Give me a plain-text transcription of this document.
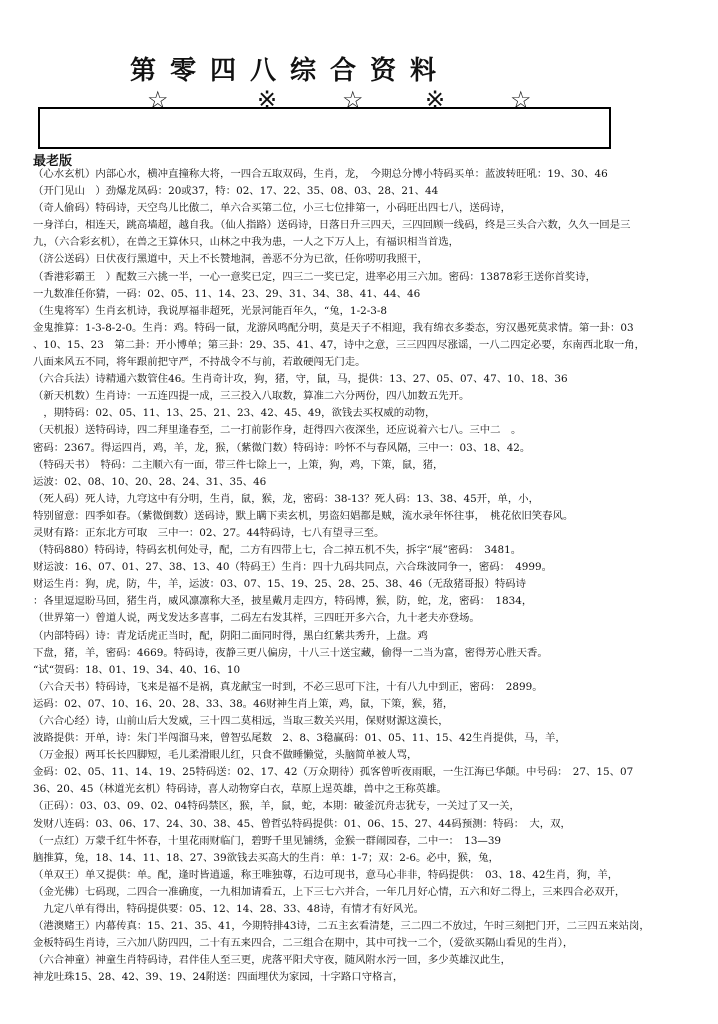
第零四八综合资料
☆	※	☆	※	☆
最老版
（心水玄机）内部心水，横冲直撞称大将，一四合五取双码，生肖，龙，　今期总分博小特码买单：蓝波转旺吼：19、30、46
（开门见山　）劲爆龙凤码：20或37，特：02、17、22、35、08、03、28、21、44
（奇人偷码）特码诗，天空鸟儿比傲二，单六合买第二位，小三七位排第一，小码旺出四七八，送码诗，
一身洋白，相连天，跳高墙超，越自我。（仙人指路）送码诗，日落日升三四天，三四回顾一线码，终是三头合六数，久久一回是三
九，（六合彩玄机），在兽之王算休只，山林之中我为患，一人之下万人上，有福识相当首选，
（济公送码）日伏夜行黑道中，天上不长赞地洞，善恶不分为已欲，任你唠叨我照干，
（香港彩霸王　）配数三六挑一半，一心一意奖已定，四三二一奖已定，进率必用三六加。密码：13878彩王送你首奖诗，
一九数准任你猜，一码：02、05、11、14、23、29、31、34、38、41、44、46
（生鬼将军）生肖玄机诗，我说厚福非超死，光景河能百年久，“兔，1-2-3-8
金鬼推算：1-3-8-2-0。生肖：鸡。特码一鼠，龙游风鸣配分明，莫是天子不相迎，我有绵衣多娄态，穷汉愚死莫求情。第一卦：03
、10、15、23　第二卦：开小博单；第三卦：29、35、41、47，诗中之意，三三四四尽涨谣，一八二四定必要，东南西北取一角，
八面来风五不同，将年跟前把守严，不持战令不与前，若敢硬闯无门走。
（六合兵法）诗精通六数管住46。生肖奇计攻，狗，猪，守，鼠，马，提供：13、27、05、07、47、10、18、36
（新天机数）生肖诗：一五连四提一成，三三投入八取数，算准二六分两份，四八加数五先开。
　，期特码：02、05、11、13、25、21、23、42、45、49，欲钱去买权威的动物，
（天机报）送特码诗，四二拜里逢春至，二一打前影作身，赶得四六夜深坐，还应说着六七八。三中二　。
密码：2367。得运四肖，鸡，羊，龙，猴，（紫微门数）特码诗：吟怀不与春风隔，三中一：03、18、42。
（特码天书）　特码：二主顺六有一面，带三件七除上一，上策，狗，鸡，下策，鼠，猪，
运波：02、08、10、20、28、24、31、35、46
（死人码）死人诗，九穹这中有分明，生肖，鼠，猴，龙，密码：38-13？死人码：13、38、45开，单，小，
特别留意：四季如春。（紫微倒数）送码诗，默上瞒下卖玄机，男盗妇娼都是贼，流水录年怀往事，　桃花依旧笑春风。
灵财有路：正东北方可取　三中一：02、27。44特码诗，七八有望寻三至。
（特码880）特码诗，特码玄机何处寻，配，二方有四带上七，合二掉五机不失，拆字“展”密码：　3481。
财运波：16、07、01、27、38、13、40（特码王）生肖：四十九码共同点，六合珠波同争一，密码：　4999。
财运生肖：狗，虎，防，牛，羊，运波：03、07、15、19、25、28、25、38、46（无敌猪哥报）特码诗
：各里逗逗盼马回，猪生肖，威风凛凛称大圣，披星戴月走四方，特码博，猴，防，蛇，龙，密码：　1834，
（世界第一）曾道人说，两戈发达多喜事，二码左右发其样，三四旺开多六合，九十老夫亦登场。
（内部特码）诗：青龙话虎正当时，配，阴阳二面同时得，黑白红紫共秀升，上盘。鸡
下盘，猪，羊，密码：4669。特码诗，夜静三更八偏房，十八三十送宝藏，偷得一二当为富，密得芳心胜天香。
“试“贺码：18、01、19、34、40、16、10
（六合天书）特码诗，飞来是福不是祸，真龙献宝一时到，不必三思可下注，十有八九中到正，密码：　2899。
运码：02、07、10、16、20、28、33、38。46财神生肖上策，鸡，鼠，下策，猴，猪，
（六合心经）诗，山前山后大发威，三十四二莫相远，当取三数关兴用，保财财源这漠长，
波路提供：开单，诗：朱门半闯溜马来，曾智弘尾数　2、8、3稳赢码：01、05、11、15、42生肖提供，马，羊，
（万金报）两耳长长四脚短，毛儿柔滑眼儿红，只食不做睡懒觉，头脑简单被人骂，
金码：02、05、11、14、19、25特码送：02、17、42（万众期待）孤客曾听夜雨眠，一生江海已华颠。中号码：　27、15、07
36、20、45（林道光玄机）特码诗，喜人动物穿白衣，草原上逞英雄，兽中之王称英雄。
（正码）：03、03、09、02、04特码禁区，猴，羊，鼠，蛇，本期：破釜沉舟志犹专，一关过了又一关，
发财八连码：03、06、17、24、30、38、45、曾哲弘特码提供：01、06、15、27、44码预测：特码：　大，双，
（一点红）万蒙千红牛怀春，十里花雨财临门，碧野千里见铺绣，金猴一群闹园春，二中一：　13—39
脑推算，兔，18、14、11、18、27、39欲钱去买高大的生肖：单：1-7；双：2-6。必中，猴，兔，
（单双王）单又提供：单。配，逢时皆逍遥，称王唯独尊，石边可现书，意马心非非，特码提供：　03、18、42生肖，狗，羊，
（金光佛）七码现，二四合一准确度，一九相加请看五，上下三七六并合，一年几月好心情，五六和好二得上，三来四合必双开，
　九定八单有得出，特码提供要：05、12、14、28、33、48诗，有情才有好风光。
（港澳赌王）内幕传真：15、21、35、41，今期特排43诗，二五主玄看清楚，三二四二不放过，午时三刻把门开，二三四五来站岗，
金板特码生肖诗，三六加八防四四，二十有五来四合，二三组合在期中，其中可找一二个，（爱欲买隔山看见的生肖），
（六合神童）神童生肖特码诗，君伴佳人至三更，虎落平阳犬守夜，随风附水污一回，多少英雄汉此生，
神龙吐珠15、28、42、39、19、24附送：四面埋伏为家园，十字路口守格言，
